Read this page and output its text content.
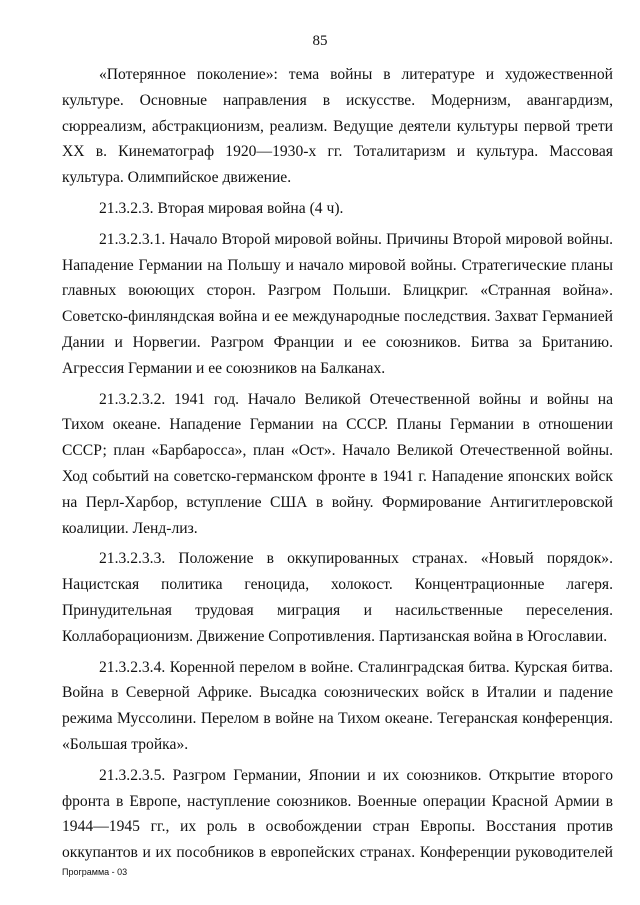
85

«Потерянное поколение»: тема войны в литературе и художественной культуре. Основные направления в искусстве. Модернизм, авангардизм, сюрреализм, абстракционизм, реализм. Ведущие деятели культуры первой трети XX в. Кинематограф 1920—1930-х гг. Тоталитаризм и культура. Массовая культура. Олимпийское движение.

21.3.2.3. Вторая мировая война (4 ч).

21.3.2.3.1. Начало Второй мировой войны. Причины Второй мировой войны. Нападение Германии на Польшу и начало мировой войны. Стратегические планы главных воюющих сторон. Разгром Польши. Блицкриг. «Странная война». Советско-финляндская война и ее международные последствия. Захват Германией Дании и Норвегии. Разгром Франции и ее союзников. Битва за Британию. Агрессия Германии и ее союзников на Балканах.

21.3.2.3.2. 1941 год. Начало Великой Отечественной войны и войны на Тихом океане. Нападение Германии на СССР. Планы Германии в отношении СССР; план «Барбаросса», план «Ост». Начало Великой Отечественной войны. Ход событий на советско-германском фронте в 1941 г. Нападение японских войск на Перл-Харбор, вступление США в войну. Формирование Антигитлеровской коалиции. Ленд-лиз.

21.3.2.3.3. Положение в оккупированных странах. «Новый порядок». Нацистская политика геноцида, холокост. Концентрационные лагеря. Принудительная трудовая миграция и насильственные переселения. Коллаборационизм. Движение Сопротивления. Партизанская война в Югославии.

21.3.2.3.4. Коренной перелом в войне. Сталинградская битва. Курская битва. Война в Северной Африке. Высадка союзнических войск в Италии и падение режима Муссолини. Перелом в войне на Тихом океане. Тегеранская конференция. «Большая тройка».

21.3.2.3.5. Разгром Германии, Японии и их союзников. Открытие второго фронта в Европе, наступление союзников. Военные операции Красной Армии в 1944—1945 гг., их роль в освобождении стран Европы. Восстания против оккупантов и их пособников в европейских странах. Конференции руководителей

Программа - 03
